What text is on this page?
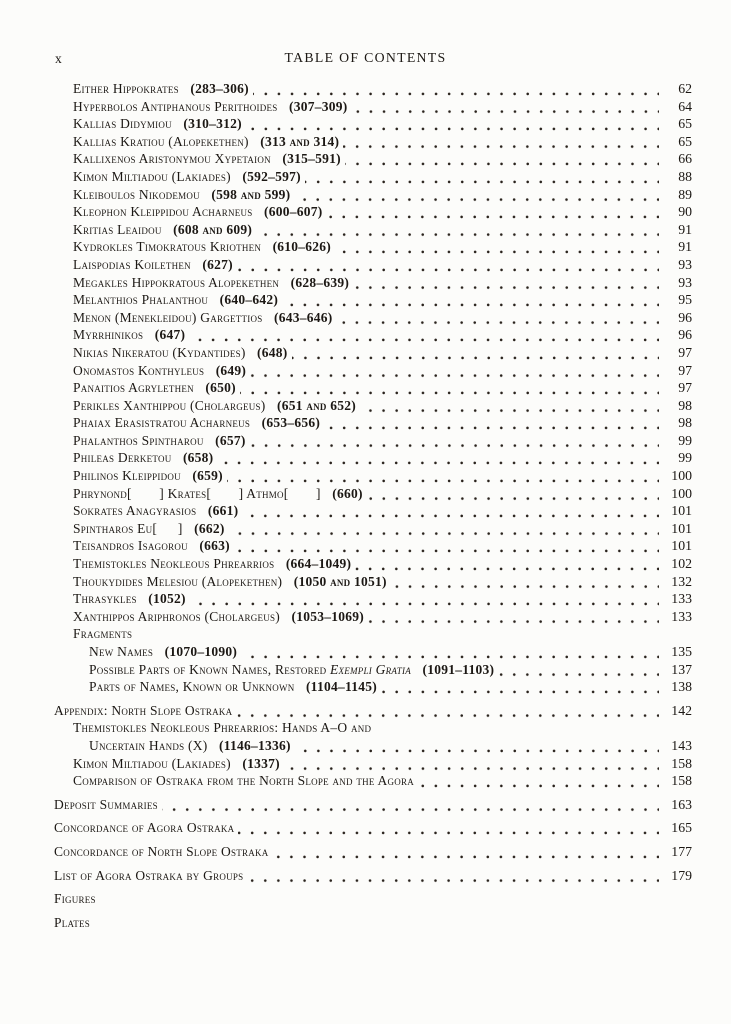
x	TABLE OF CONTENTS
Either Hippokrates (283–306)	62
Hyperbolos Antiphanous Perithoides (307–309)	64
Kallias Didymiou (310–312)	65
Kallias Kratiou (Alopekethen) (313 and 314)	65
Kallixenos Aristonymou Xypetaion (315–591)	66
Kimon Miltiadou (Lakiades) (592–597)	88
Kleiboulos Nikodemou (598 and 599)	89
Kleophon Kleippidou Acharneus (600–607)	90
Kritias Leaidou (608 and 609)	91
Kydrokles Timokratous Kriothen (610–626)	91
Laispodias Koilethen (627)	93
Megakles Hippokratous Alopekethen (628–639)	93
Melanthios Phalanthou (640–642)	95
Menon (Menekleidou) Gargettios (643–646)	96
Myrrhinikos (647)	96
Nikias Nikeratou (Kydantides) (648)	97
Onomastos Konthyleus (649)	97
Panaitios Agrylethen (650)	97
Perikles Xanthippou (Cholargeus) (651 and 652)	98
Phaiax Erasistratou Acharneus (653–656)	98
Phalanthos Spintharou (657)	99
Phileas Derketou (658)	99
Philinos Kleippidou (659)	100
Phrynond[  ] Krates[  ] Athmo[  ] (660)	100
Sokrates Anagyrasios (661)	101
Spintharos Eu[  ] (662)	101
Teisandros Isagorou (663)	101
Themistokles Neokleous Phrearrios (664–1049)	102
Thoukydides Melesiou (Alopekethen) (1050 and 1051)	132
Thrasykles (1052)	133
Xanthippos Ariphronos (Cholargeus) (1053–1069)	133
Fragments
New Names (1070–1090)	135
Possible Parts of Known Names, Restored Exempli Gratia (1091–1103)	137
Parts of Names, Known or Unknown (1104–1145)	138
Appendix: North Slope Ostraka	142
Themistokles Neokleous Phrearrios: Hands A–O and
Uncertain Hands (X) (1146–1336)	143
Kimon Miltiadou (Lakiades) (1337)	158
Comparison of Ostraka from the North Slope and the Agora	158
Deposit Summaries	163
Concordance of Agora Ostraka	165
Concordance of North Slope Ostraka	177
List of Agora Ostraka by Groups	179
Figures
Plates
